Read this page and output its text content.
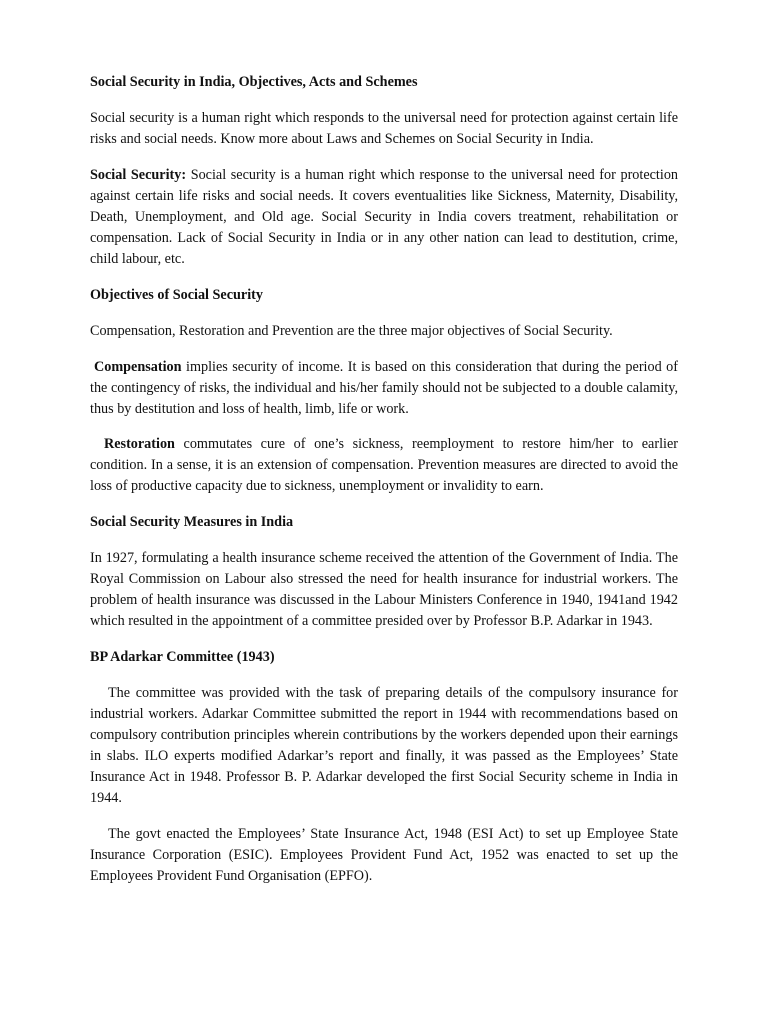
Social Security in India, Objectives, Acts and Schemes

Social security is a human right which responds to the universal need for protection against certain life risks and social needs. Know more about Laws and Schemes on Social Security in India.

Social Security: Social security is a human right which response to the universal need for protection against certain life risks and social needs. It covers eventualities like Sickness, Maternity, Disability, Death, Unemployment, and Old age. Social Security in India covers treatment, rehabilitation or compensation. Lack of Social Security in India or in any other nation can lead to destitution, crime, child labour, etc.

Objectives of Social Security

Compensation, Restoration and Prevention are the three major objectives of Social Security.

Compensation implies security of income. It is based on this consideration that during the period of the contingency of risks, the individual and his/her family should not be subjected to a double calamity, thus by destitution and loss of health, limb, life or work.

Restoration commutates cure of one’s sickness, reemployment to restore him/her to earlier condition. In a sense, it is an extension of compensation. Prevention measures are directed to avoid the loss of productive capacity due to sickness, unemployment or invalidity to earn.

Social Security Measures in India

In 1927, formulating a health insurance scheme received the attention of the Government of India. The Royal Commission on Labour also stressed the need for health insurance for industrial workers. The problem of health insurance was discussed in the Labour Ministers Conference in 1940, 1941and 1942 which resulted in the appointment of a committee presided over by Professor B.P. Adarkar in 1943.

BP Adarkar Committee (1943)

The committee was provided with the task of preparing details of the compulsory insurance for industrial workers. Adarkar Committee submitted the report in 1944 with recommendations based on compulsory contribution principles wherein contributions by the workers depended upon their earnings in slabs. ILO experts modified Adarkar’s report and finally, it was passed as the Employees’ State Insurance Act in 1948. Professor B. P. Adarkar developed the first Social Security scheme in India in 1944.

The govt enacted the Employees’ State Insurance Act, 1948 (ESI Act) to set up Employee State Insurance Corporation (ESIC). Employees Provident Fund Act, 1952 was enacted to set up the Employees Provident Fund Organisation (EPFO).
